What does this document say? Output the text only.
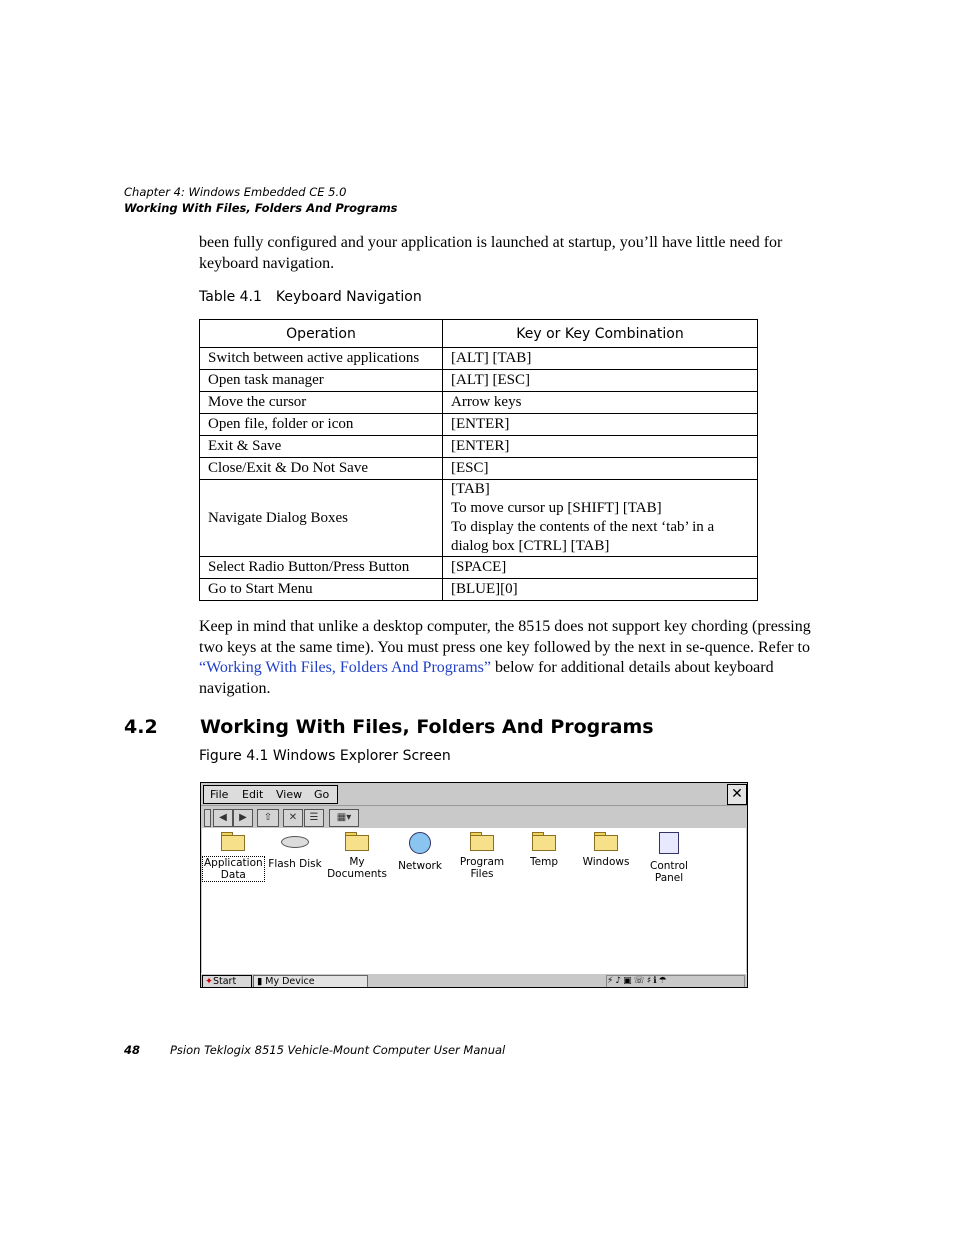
Chapter 4: Windows Embedded CE 5.0
Working With Files, Folders And Programs
been fully configured and your application is launched at startup, you’ll have little need for keyboard navigation.
Table 4.1 Keyboard Navigation
Operation	Key or Key Combination
Switch between active applications	[ALT] [TAB]
Open task manager	[ALT] [ESC]
Move the cursor	Arrow keys
Open file, folder or icon	[ENTER]
Exit & Save	[ENTER]
Close/Exit & Do Not Save	[ESC]
Navigate Dialog Boxes	[TAB]
To move cursor up [SHIFT] [TAB]
To display the contents of the next ‘tab’ in a
dialog box [CTRL] [TAB]

Select Radio Button/Press Button	[SPACE]
Go to Start Menu	[BLUE][0]
Keep in mind that unlike a desktop computer, the 8515 does not support key chording (pressing two keys at the same time). You must press one key followed by the next in se-quence. Refer to “Working With Files, Folders And Programs” below for additional details about keyboard navigation.
4.2 Working With Files, Folders And Programs
Figure 4.1 Windows Explorer Screen
File Edit View Go	✕
◀	▶	⇧	✕	☰	▦▾
Application
Data
Flash Disk	My
Documents
Network	Program
Files
Temp	Windows	Control
Panel
✦Start	▮ My Device	⚡♪▣☏♯ℹ☂
48	Psion Teklogix 8515 Vehicle-Mount Computer User Manual
